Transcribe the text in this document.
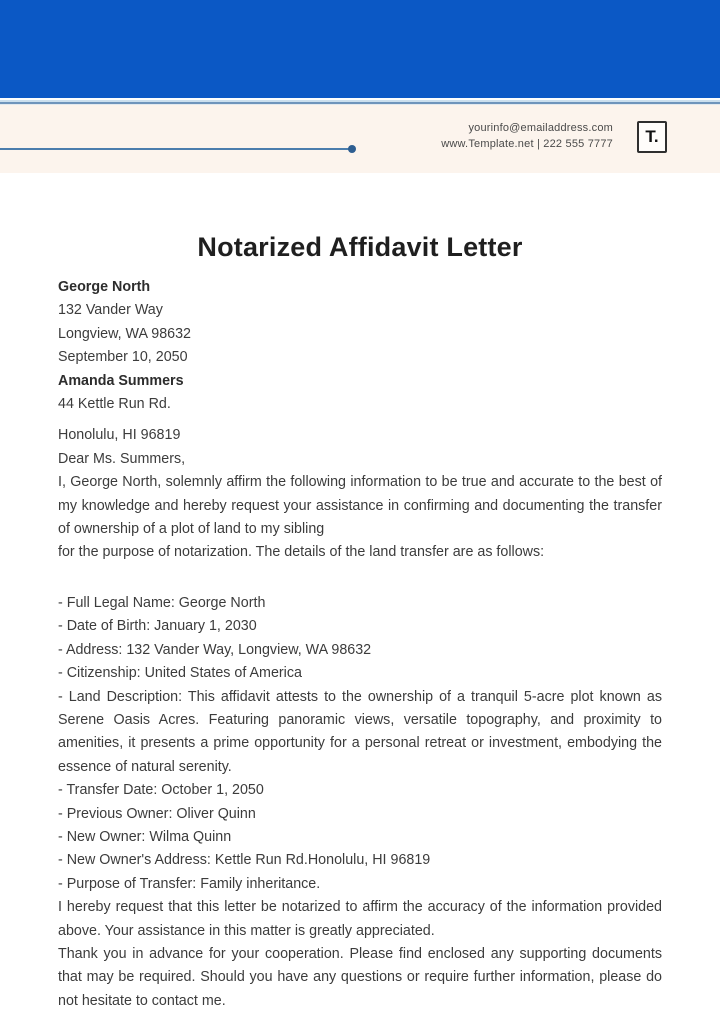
yourinfo@emailaddress.com
www.Template.net | 222 555 7777	T.
Notarized Affidavit Letter
George North
132 Vander Way
Longview, WA 98632
September 10, 2050
Amanda Summers
44 Kettle Run Rd.
Honolulu, HI 96819
Dear Ms. Summers,

I, George North, solemnly affirm the following information to be true and accurate to the best of my knowledge and hereby request your assistance in confirming and documenting the transfer of ownership of a plot of land to my sibling

for the purpose of notarization. The details of the land transfer are as follows:

- Full Legal Name: George North

- Date of Birth: January 1, 2030

- Address: 132 Vander Way, Longview, WA 98632

- Citizenship: United States of America

- Land Description: This affidavit attests to the ownership of a tranquil 5-acre plot known as Serene Oasis Acres. Featuring panoramic views, versatile topography, and proximity to amenities, it presents a prime opportunity for a personal retreat or investment, embodying the essence of natural serenity.

- Transfer Date: October 1, 2050

- Previous Owner: Oliver Quinn

- New Owner: Wilma Quinn

- New Owner's Address: Kettle Run Rd.Honolulu, HI 96819

- Purpose of Transfer: Family inheritance.

I hereby request that this letter be notarized to affirm the accuracy of the information provided above. Your assistance in this matter is greatly appreciated.

Thank you in advance for your cooperation. Please find enclosed any supporting documents that may be required. Should you have any questions or require further information, please do not hesitate to contact me.
